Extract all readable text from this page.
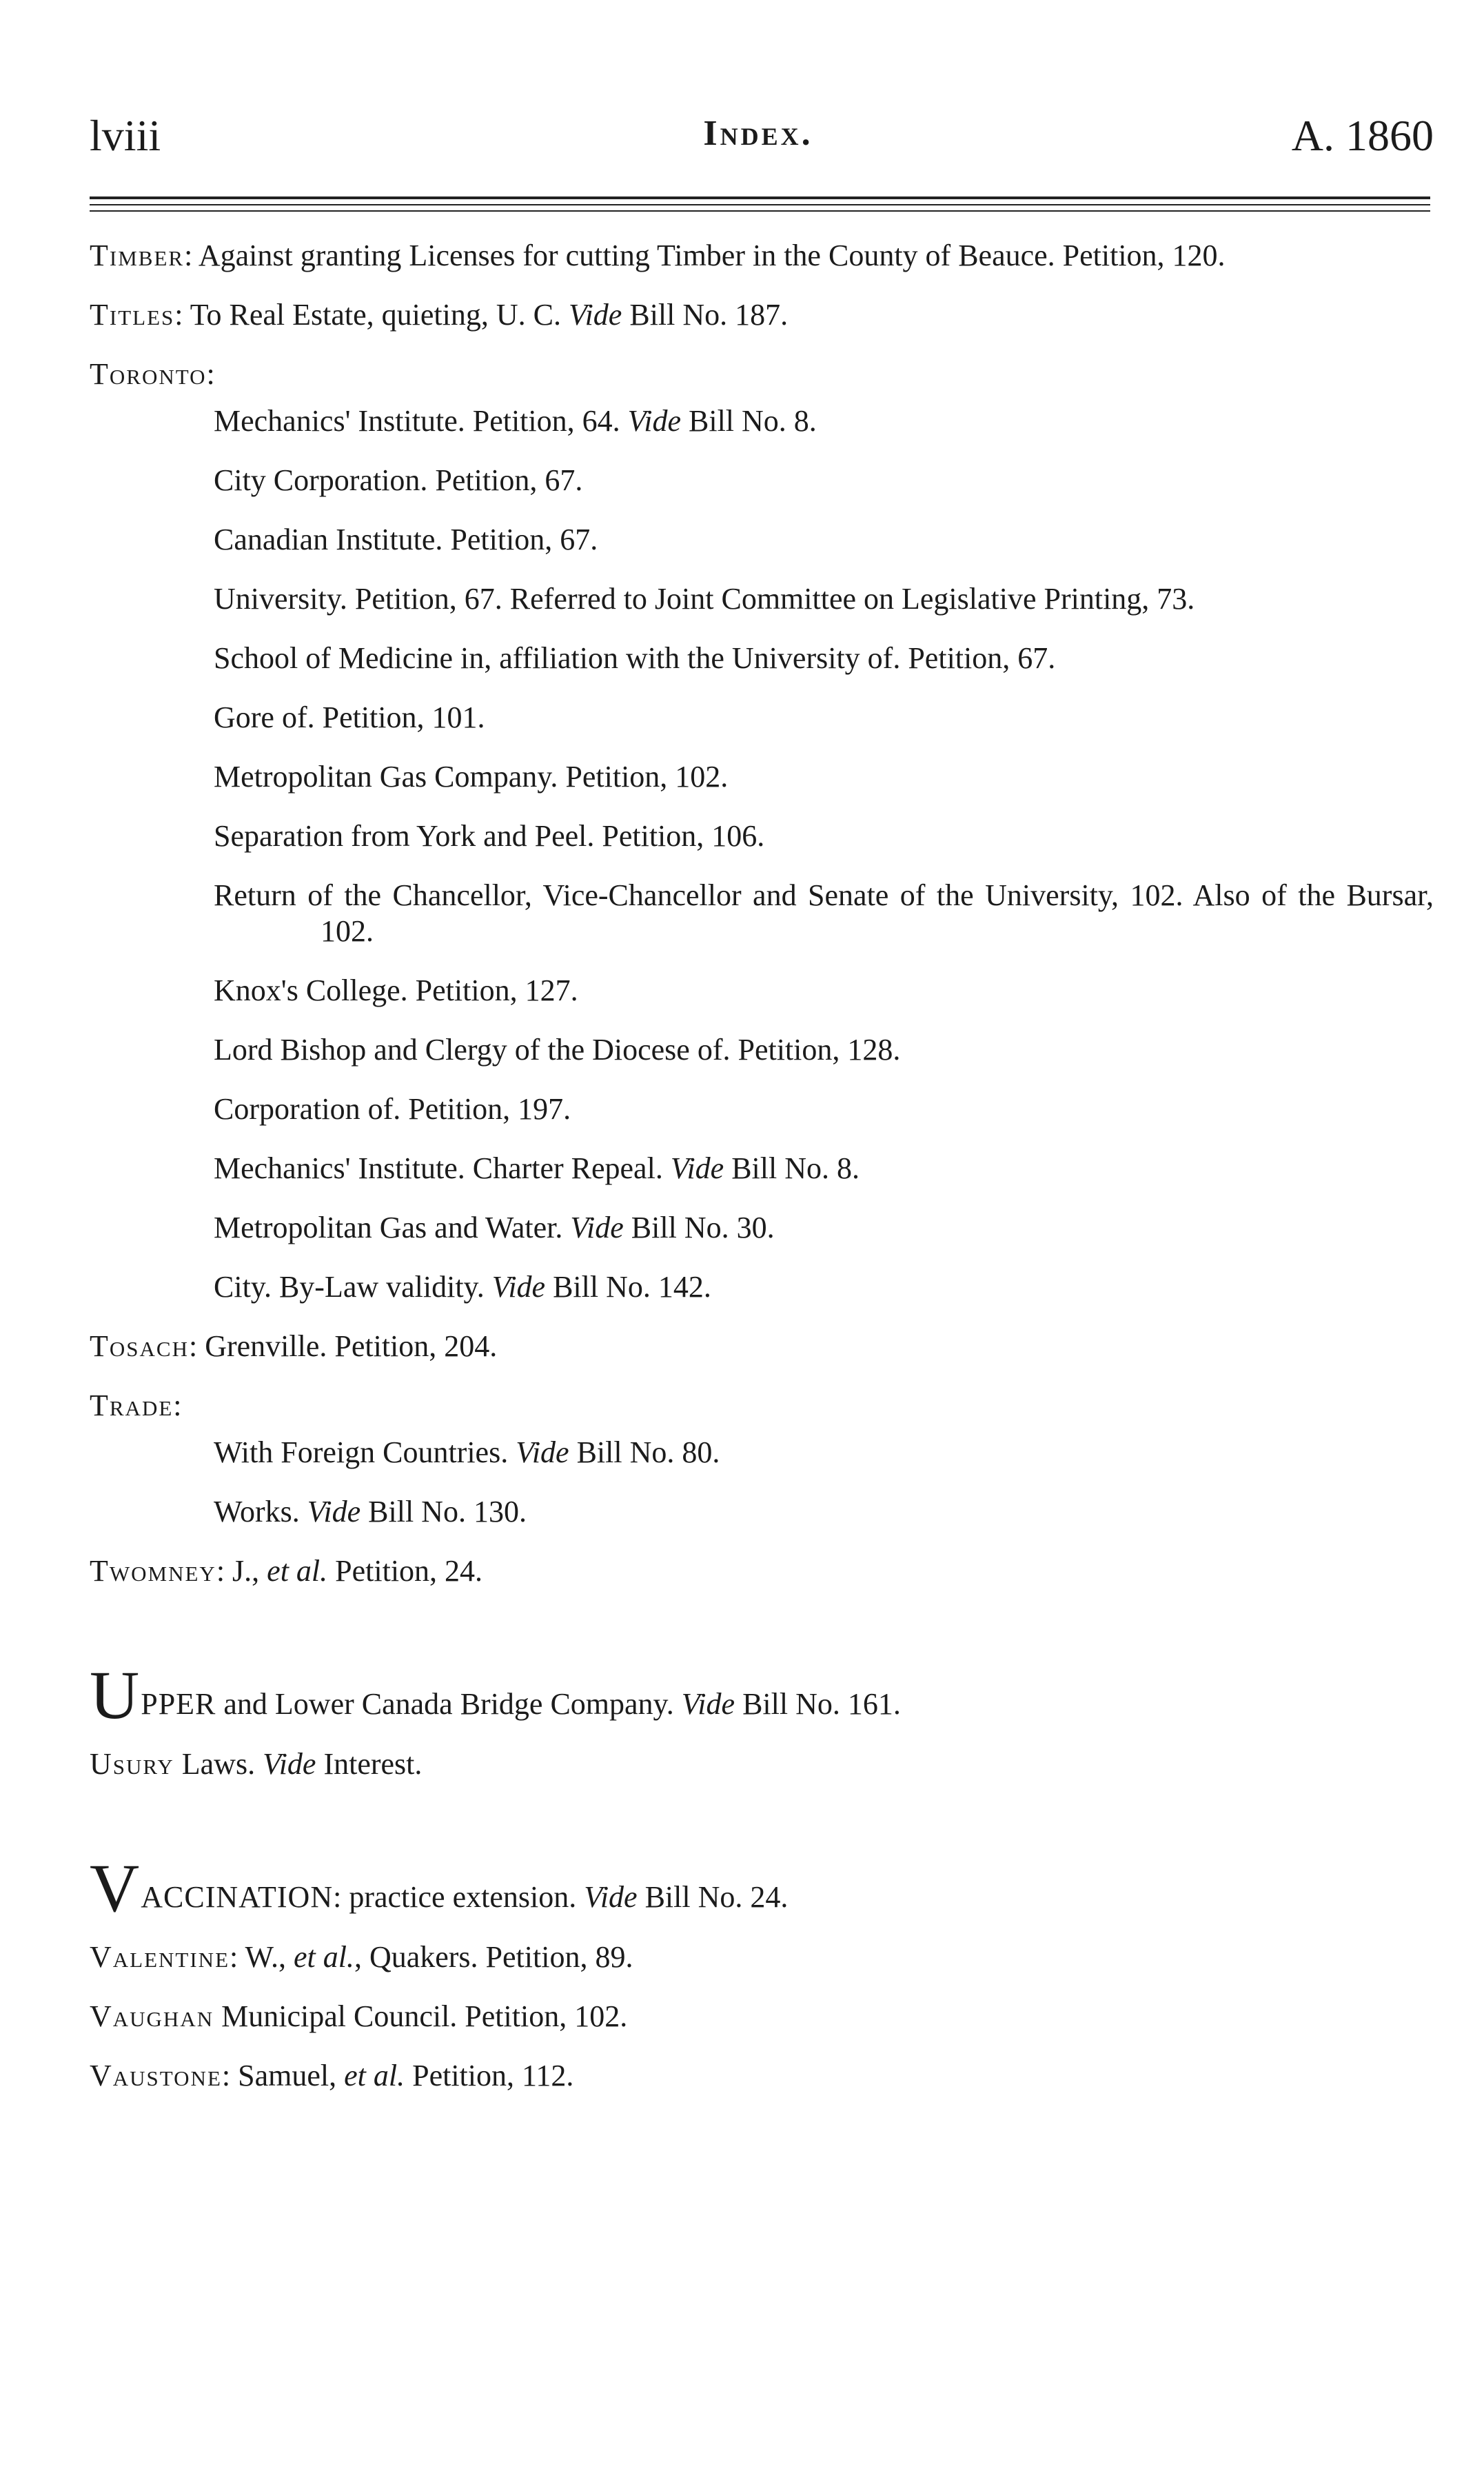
lviii	Index.	A. 1860
Timber: Against granting Licenses for cutting Timber in the County of Beauce. Petition, 120.
Titles: To Real Estate, quieting, U. C. Vide Bill No. 187.
Toronto:
Mechanics' Institute. Petition, 64. Vide Bill No. 8.
City Corporation. Petition, 67.
Canadian Institute. Petition, 67.
University. Petition, 67. Referred to Joint Committee on Legislative Printing, 73.
School of Medicine in, affiliation with the University of. Petition, 67.
Gore of. Petition, 101.
Metropolitan Gas Company. Petition, 102.
Separation from York and Peel. Petition, 106.
Return of the Chancellor, Vice-Chancellor and Senate of the University, 102. Also of the Bursar, 102.
Knox's College. Petition, 127.
Lord Bishop and Clergy of the Diocese of. Petition, 128.
Corporation of. Petition, 197.
Mechanics' Institute. Charter Repeal. Vide Bill No. 8.
Metropolitan Gas and Water. Vide Bill No. 30.
City. By-Law validity. Vide Bill No. 142.
Tosach: Grenville. Petition, 204.
Trade:
With Foreign Countries. Vide Bill No. 80.
Works. Vide Bill No. 130.
Twomney: J., et al. Petition, 24.
UPPER and Lower Canada Bridge Company. Vide Bill No. 161.
Usury Laws. Vide Interest.
VACCINATION: practice extension. Vide Bill No. 24.
Valentine: W., et al., Quakers. Petition, 89.
Vaughan Municipal Council. Petition, 102.
Vaustone: Samuel, et al. Petition, 112.
